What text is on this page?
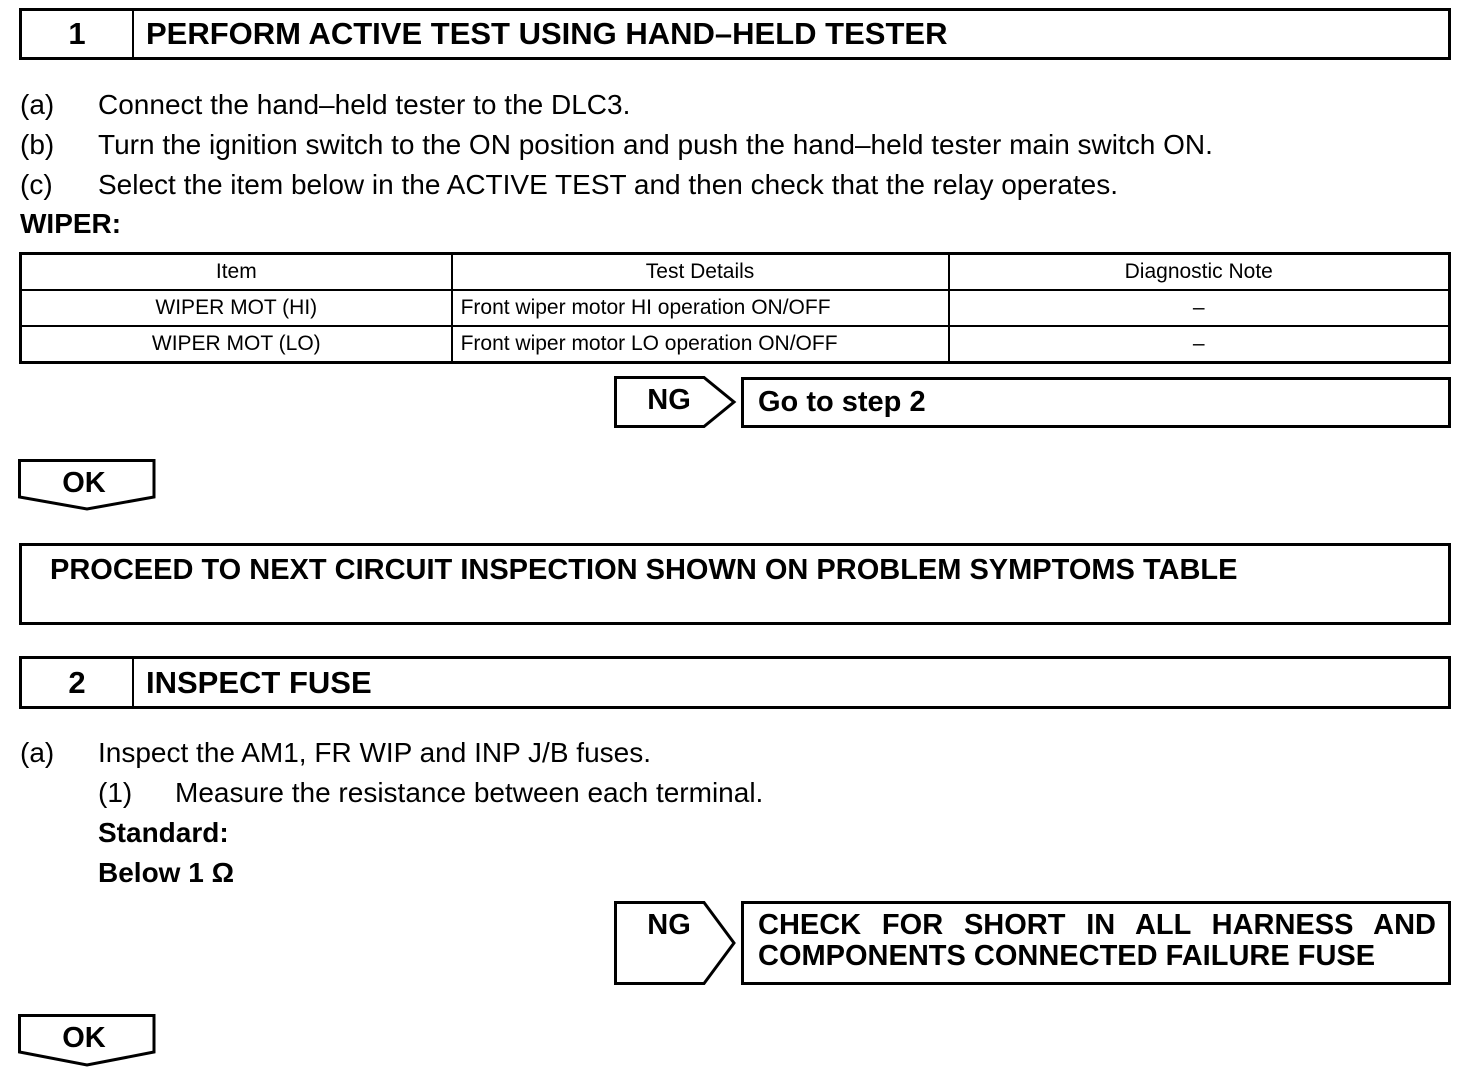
1	PERFORM ACTIVE TEST USING HAND–HELD TESTER
(a) Connect the hand–held tester to the DLC3.
(b) Turn the ignition switch to the ON position and push the hand–held tester main switch ON.
(c) Select the item below in the ACTIVE TEST and then check that the relay operates.
WIPER:
Item	Test Details	Diagnostic Note
WIPER MOT (HI)	Front wiper motor HI operation ON/OFF	–
WIPER MOT (LO)	Front wiper motor LO operation ON/OFF	–
NG	Go to step 2
OK
PROCEED TO NEXT CIRCUIT INSPECTION SHOWN ON PROBLEM SYMPTOMS TABLE
2	INSPECT FUSE
(a) Inspect the AM1, FR WIP and INP J/B fuses.
(1) Measure the resistance between each terminal.
Standard:
Below 1 Ω
NG	CHECK FOR SHORT IN ALL HARNESS AND
COMPONENTS CONNECTED FAILURE FUSE
OK
